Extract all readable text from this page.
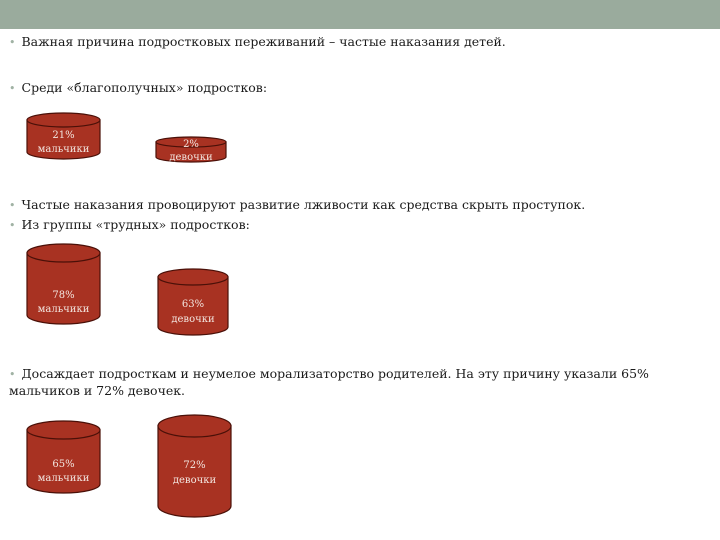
• Важная причина подростковых переживаний – частые наказания детей.
• Среди «благополучных» подростков:
• Частые наказания провоцируют развитие лживости как средства скрыть проступок.
• Из группы «трудных» подростков:
• Досаждает подросткам и неумелое морализаторство родителей. На эту причину указали 65% мальчиков и 72% девочек.
21%
мальчики	2%
девочки
78%
мальчики	63%
девочки
65%
мальчики
72%
девочки
